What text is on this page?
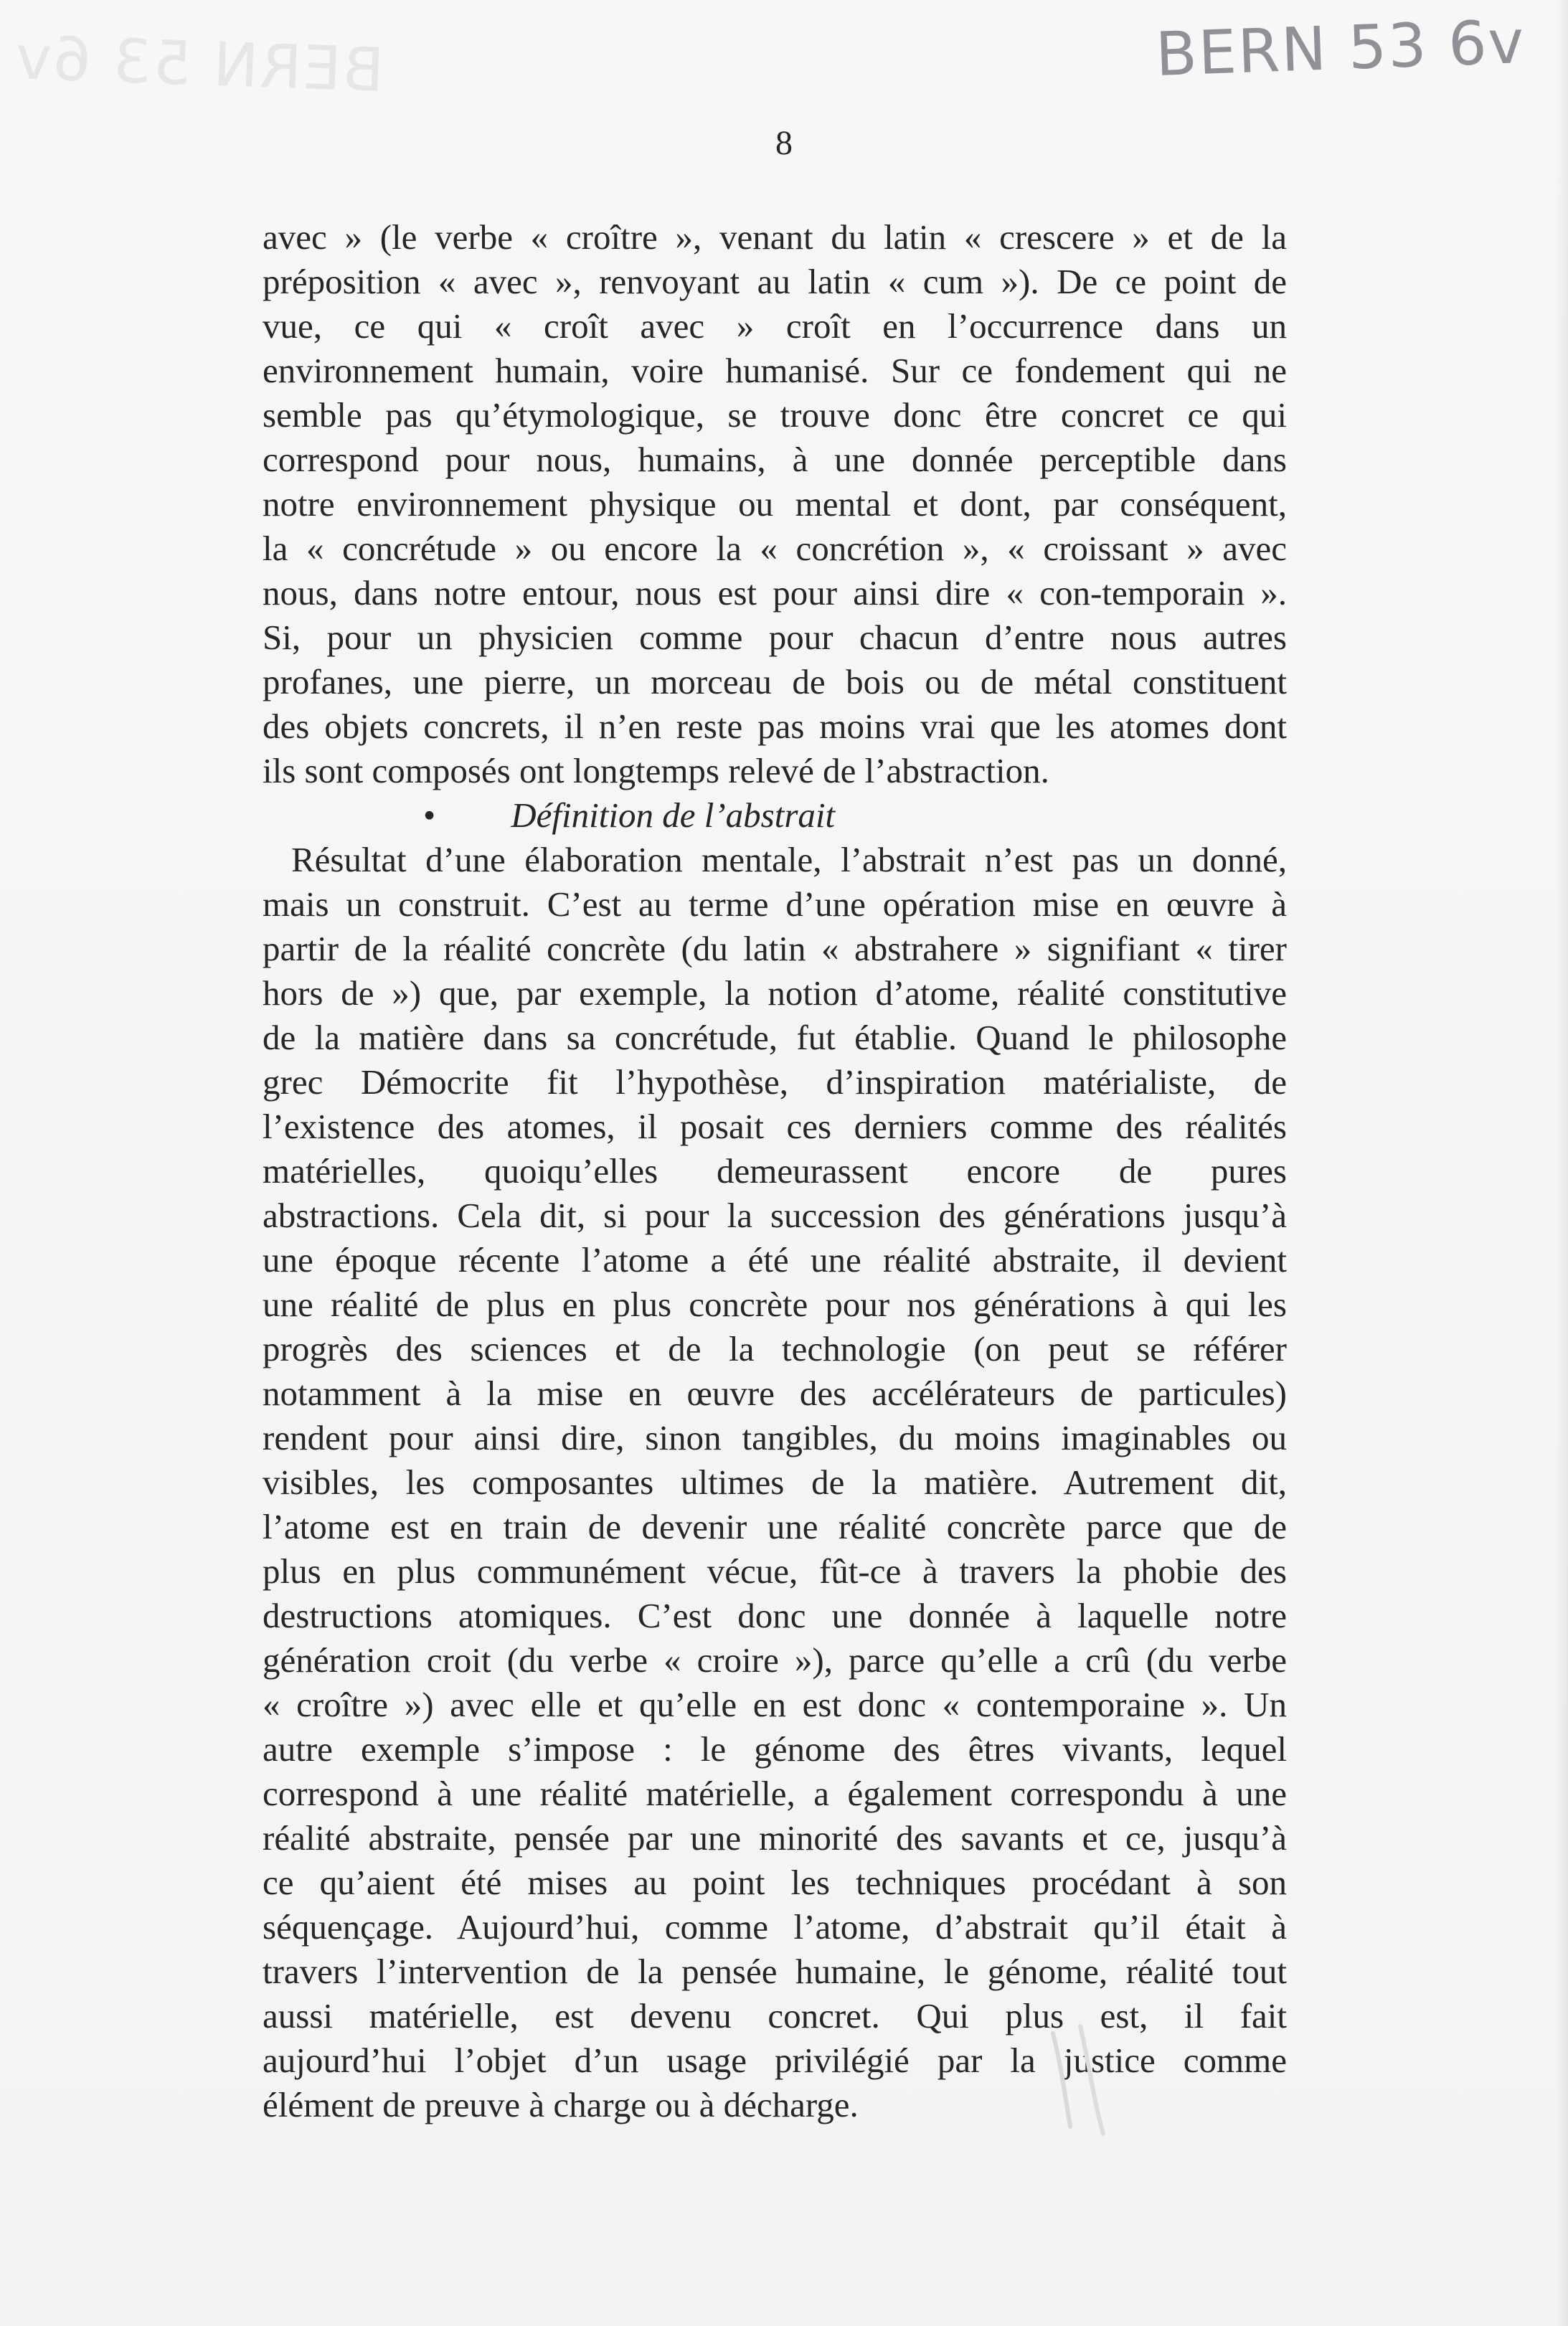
BERN 53 6v	BERN 53 6v
8
avec » (le verbe « croître », venant du latin « crescere » et de la
préposition « avec », renvoyant au latin « cum »). De ce point de
vue, ce qui « croît avec » croît en l’occurrence dans un
environnement humain, voire humanisé. Sur ce fondement qui ne
semble pas qu’étymologique, se trouve donc être concret ce qui
correspond pour nous, humains, à une donnée perceptible dans
notre environnement physique ou mental et dont, par conséquent,
la « concrétude » ou encore la « concrétion », « croissant » avec
nous, dans notre entour, nous est pour ainsi dire « con-temporain ».
Si, pour un physicien comme pour chacun d’entre nous autres
profanes, une pierre, un morceau de bois ou de métal constituent
des objets concrets, il n’en reste pas moins vrai que les atomes dont
ils sont composés ont longtemps relevé de l’abstraction.
• Définition de l’abstrait
Résultat d’une élaboration mentale, l’abstrait n’est pas un donné,
mais un construit. C’est au terme d’une opération mise en œuvre à
partir de la réalité concrète (du latin « abstrahere » signifiant « tirer
hors de ») que, par exemple, la notion d’atome, réalité constitutive
de la matière dans sa concrétude, fut établie. Quand le philosophe
grec Démocrite fit l’hypothèse, d’inspiration matérialiste, de
l’existence des atomes, il posait ces derniers comme des réalités
matérielles, quoiqu’elles demeurassent encore de pures
abstractions. Cela dit, si pour la succession des générations jusqu’à
une époque récente l’atome a été une réalité abstraite, il devient
une réalité de plus en plus concrète pour nos générations à qui les
progrès des sciences et de la technologie (on peut se référer
notamment à la mise en œuvre des accélérateurs de particules)
rendent pour ainsi dire, sinon tangibles, du moins imaginables ou
visibles, les composantes ultimes de la matière. Autrement dit,
l’atome est en train de devenir une réalité concrète parce que de
plus en plus communément vécue, fût-ce à travers la phobie des
destructions atomiques. C’est donc une donnée à laquelle notre
génération croit (du verbe « croire »), parce qu’elle a crû (du verbe
« croître ») avec elle et qu’elle en est donc « contemporaine ». Un
autre exemple s’impose : le génome des êtres vivants, lequel
correspond à une réalité matérielle, a également correspondu à une
réalité abstraite, pensée par une minorité des savants et ce, jusqu’à
ce qu’aient été mises au point les techniques procédant à son
séquençage. Aujourd’hui, comme l’atome, d’abstrait qu’il était à
travers l’intervention de la pensée humaine, le génome, réalité tout
aussi matérielle, est devenu concret. Qui plus est, il fait
aujourd’hui l’objet d’un usage privilégié par la justice comme
élément de preuve à charge ou à décharge.
